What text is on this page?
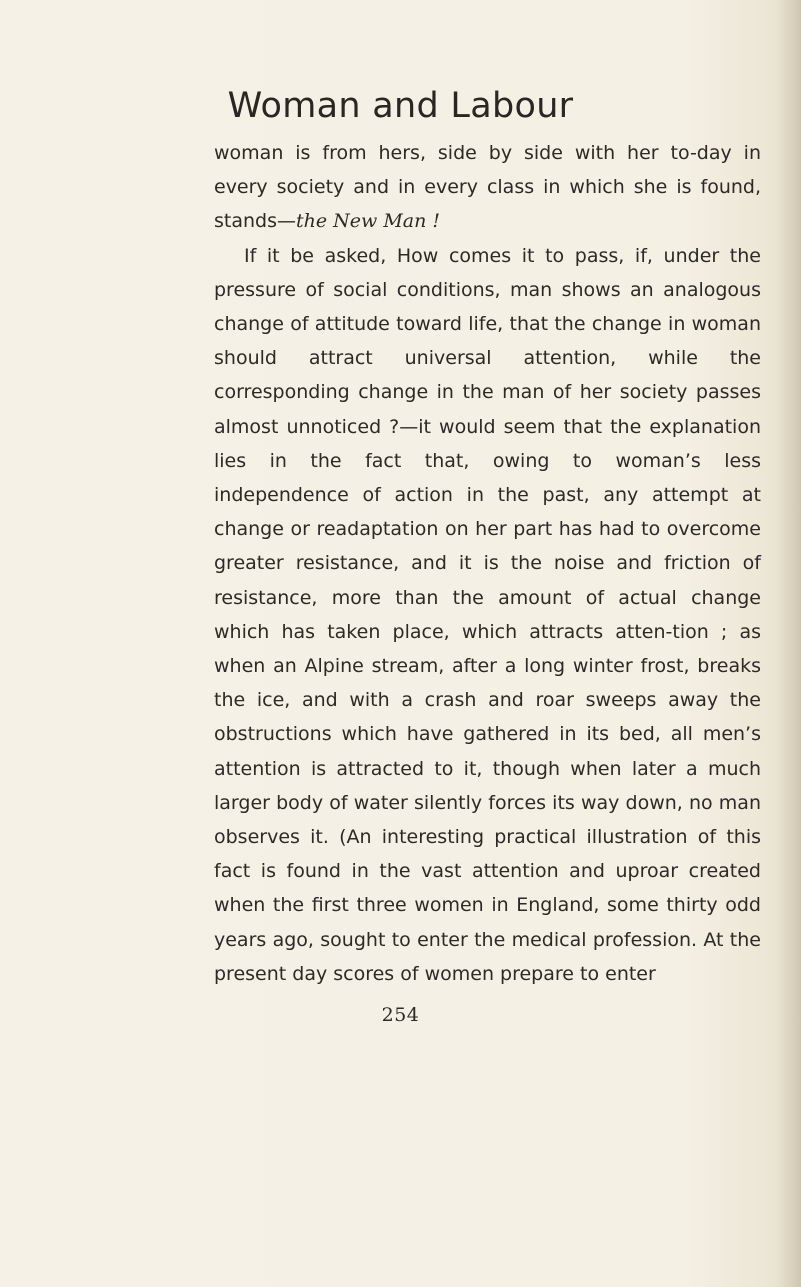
Woman and Labour

woman is from hers, side by side with her to-day in every society and in every class in which she is found, stands—the New Man !

If it be asked, How comes it to pass, if, under the pressure of social conditions, man shows an analogous change of attitude toward life, that the change in woman should attract universal attention, while the corresponding change in the man of her society passes almost unnoticed ?—it would seem that the explanation lies in the fact that, owing to woman’s less independence of action in the past, any attempt at change or readaptation on her part has had to overcome greater resistance, and it is the noise and friction of resistance, more than the amount of actual change which has taken place, which attracts atten-tion ; as when an Alpine stream, after a long winter frost, breaks the ice, and with a crash and roar sweeps away the obstructions which have gathered in its bed, all men’s attention is attracted to it, though when later a much larger body of water silently forces its way down, no man observes it. (An interesting practical illustration of this fact is found in the vast attention and uproar created when the first three women in England, some thirty odd years ago, sought to enter the medical profession. At the present day scores of women prepare to enter

254
